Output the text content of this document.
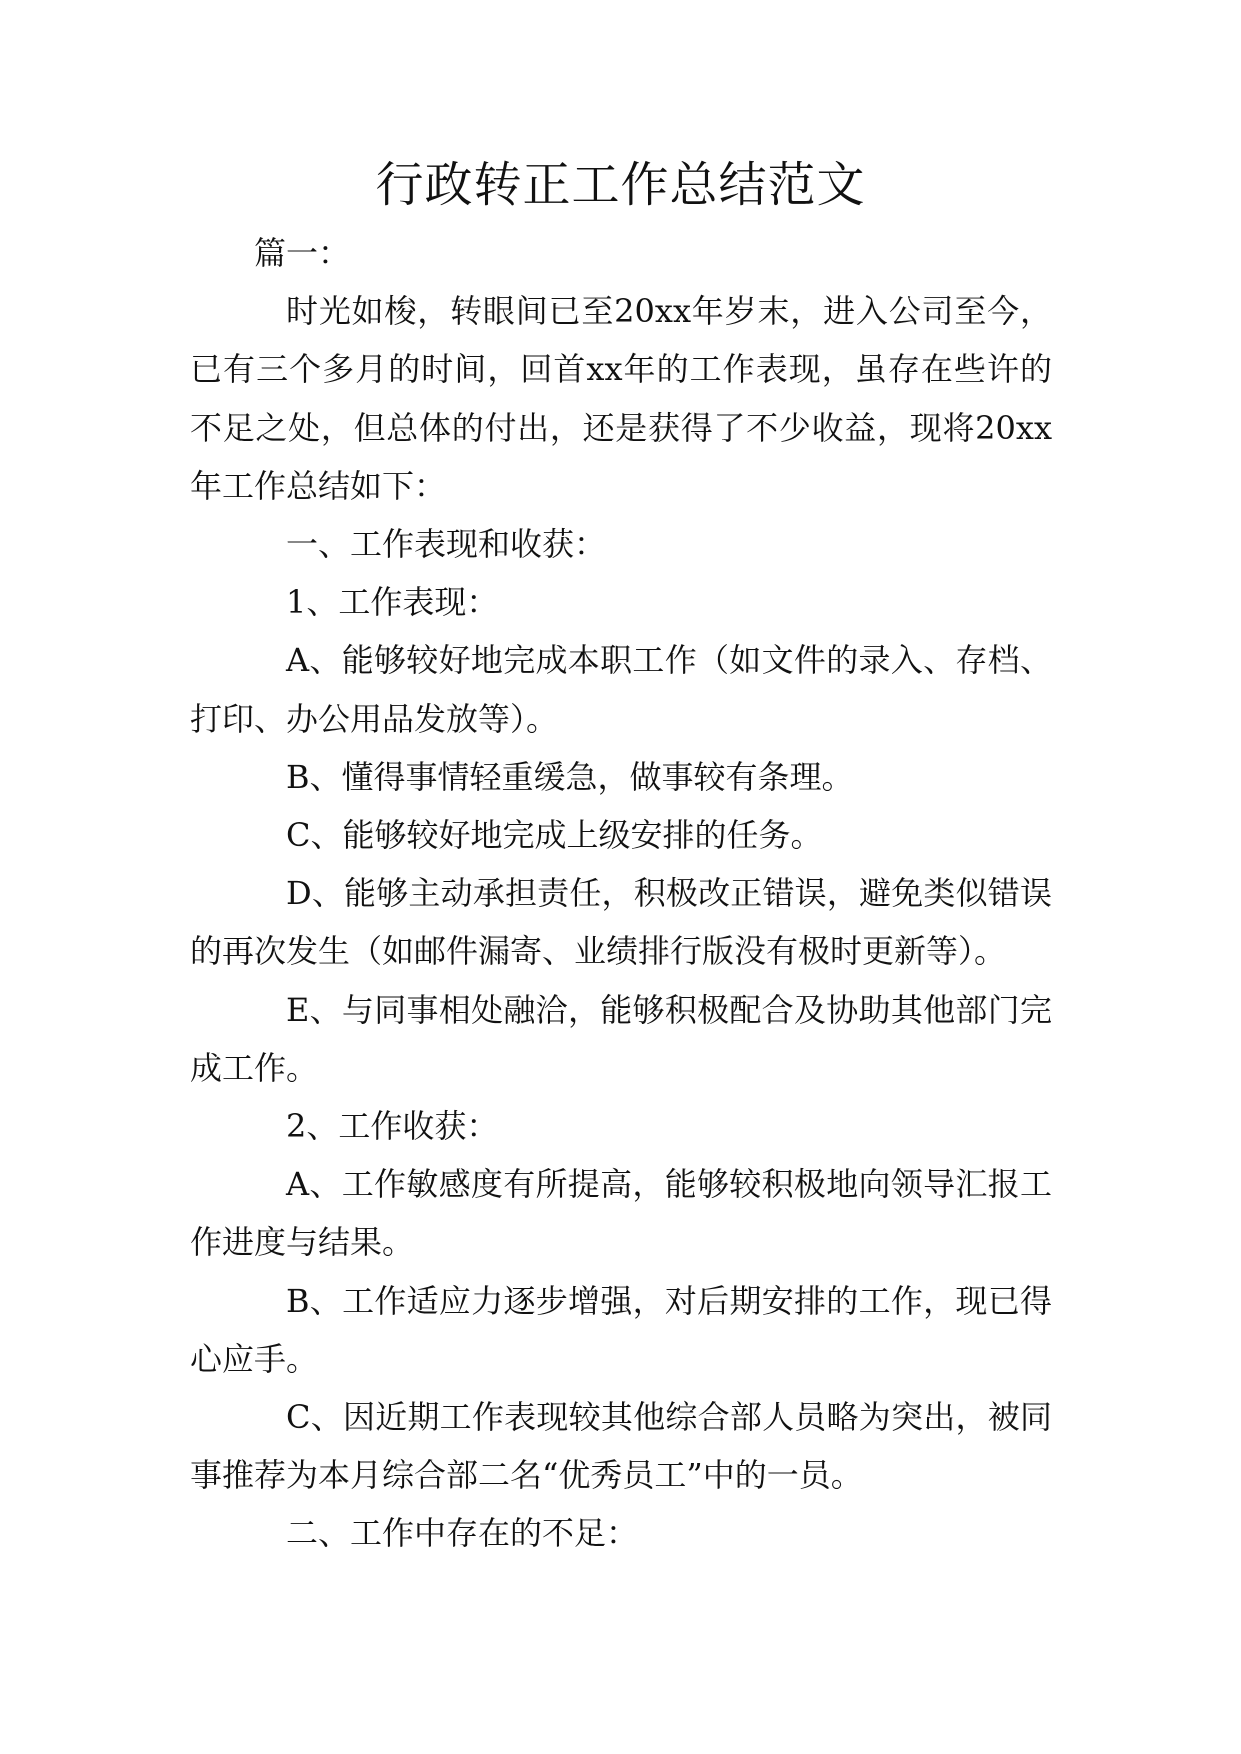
行政转正工作总结范文

篇一：

时光如梭，转眼间已至20xx年岁末，进入公司至今，已有三个多月的时间，回首xx年的工作表现，虽存在些许的不足之处，但总体的付出，还是获得了不少收益，现将20xx年工作总结如下：

一、工作表现和收获：

1、工作表现：

A、能够较好地完成本职工作（如文件的录入、存档、打印、办公用品发放等）。

B、懂得事情轻重缓急，做事较有条理。

C、能够较好地完成上级安排的任务。

D、能够主动承担责任，积极改正错误，避免类似错误的再次发生（如邮件漏寄、业绩排行版没有极时更新等）。

E、与同事相处融洽，能够积极配合及协助其他部门完成工作。

2、工作收获：

A、工作敏感度有所提高，能够较积极地向领导汇报工作进度与结果。

B、工作适应力逐步增强，对后期安排的工作，现已得心应手。

C、因近期工作表现较其他综合部人员略为突出，被同事推荐为本月综合部二名“优秀员工”中的一员。

二、工作中存在的不足：
